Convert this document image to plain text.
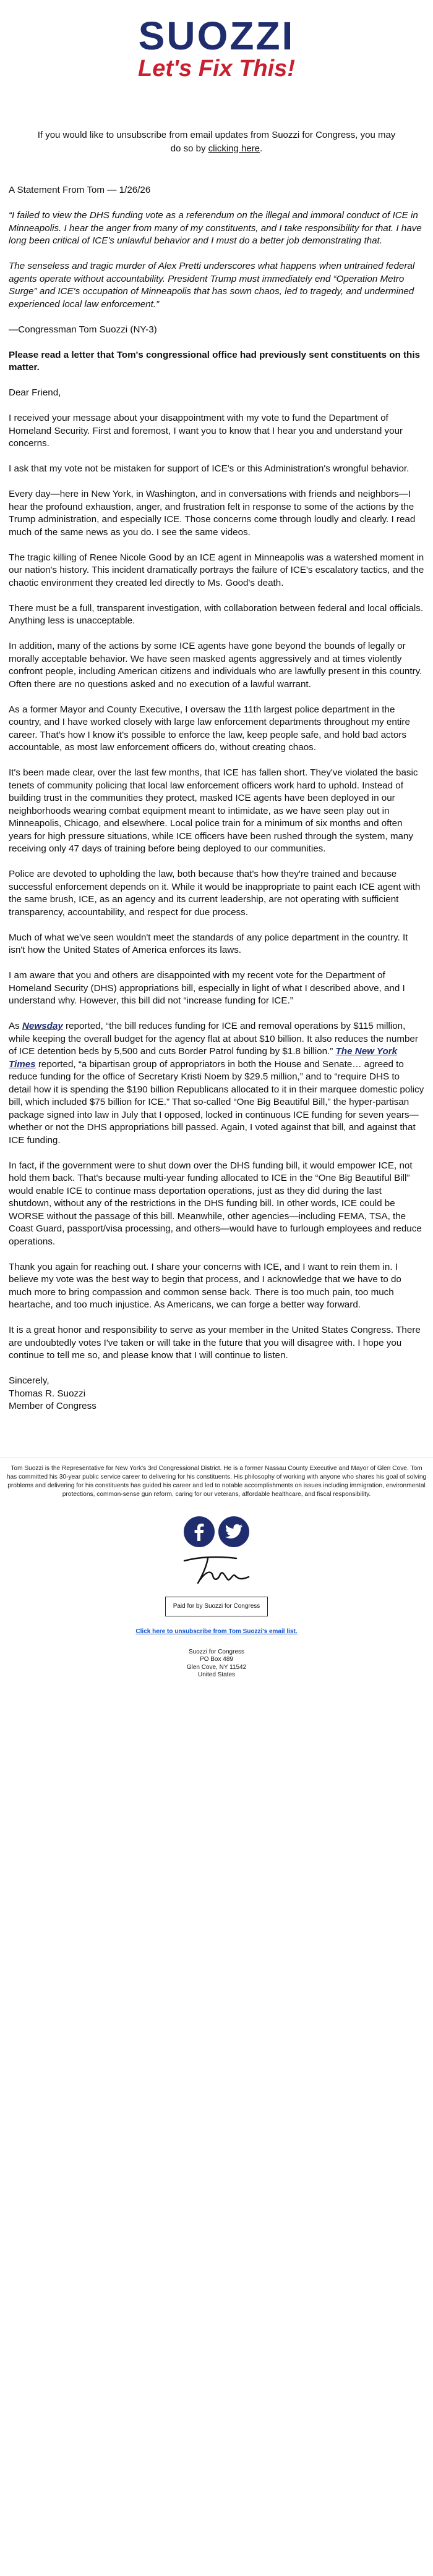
SUOZZI
Let's Fix This!
If you would like to unsubscribe from email updates from Suozzi for Congress, you may do so by clicking here.

A Statement From Tom — 1/26/26

“I failed to view the DHS funding vote as a referendum on the illegal and immoral conduct of ICE in Minneapolis. I hear the anger from many of my constituents, and I take responsibility for that. I have long been critical of ICE's unlawful behavior and I must do a better job demonstrating that.

The senseless and tragic murder of Alex Pretti underscores what happens when untrained federal agents operate without accountability. President Trump must immediately end “Operation Metro Surge” and ICE's occupation of Minneapolis that has sown chaos, led to tragedy, and undermined experienced local law enforcement.”

—Congressman Tom Suozzi (NY-3)

Please read a letter that Tom's congressional office had previously sent constituents on this matter.

Dear Friend,

I received your message about your disappointment with my vote to fund the Department of Homeland Security. First and foremost, I want you to know that I hear you and understand your concerns.

I ask that my vote not be mistaken for support of ICE's or this Administration's wrongful behavior.

Every day—here in New York, in Washington, and in conversations with friends and neighbors—I hear the profound exhaustion, anger, and frustration felt in response to some of the actions by the Trump administration, and especially ICE. Those concerns come through loudly and clearly. I read much of the same news as you do. I see the same videos.

The tragic killing of Renee Nicole Good by an ICE agent in Minneapolis was a watershed moment in our nation's history. This incident dramatically portrays the failure of ICE's escalatory tactics, and the chaotic environment they created led directly to Ms. Good's death.

There must be a full, transparent investigation, with collaboration between federal and local officials. Anything less is unacceptable.

In addition, many of the actions by some ICE agents have gone beyond the bounds of legally or morally acceptable behavior. We have seen masked agents aggressively and at times violently confront people, including American citizens and individuals who are lawfully present in this country. Often there are no questions asked and no execution of a lawful warrant.

As a former Mayor and County Executive, I oversaw the 11th largest police department in the country, and I have worked closely with large law enforcement departments throughout my entire career. That's how I know it's possible to enforce the law, keep people safe, and hold bad actors accountable, as most law enforcement officers do, without creating chaos.

It's been made clear, over the last few months, that ICE has fallen short. They've violated the basic tenets of community policing that local law enforcement officers work hard to uphold. Instead of building trust in the communities they protect, masked ICE agents have been deployed in our neighborhoods wearing combat equipment meant to intimidate, as we have seen play out in Minneapolis, Chicago, and elsewhere. Local police train for a minimum of six months and often years for high pressure situations, while ICE officers have been rushed through the system, many receiving only 47 days of training before being deployed to our communities.

Police are devoted to upholding the law, both because that's how they're trained and because successful enforcement depends on it. While it would be inappropriate to paint each ICE agent with the same brush, ICE, as an agency and its current leadership, are not operating with sufficient transparency, accountability, and respect for due process.

Much of what we've seen wouldn't meet the standards of any police department in the country. It isn't how the United States of America enforces its laws.

I am aware that you and others are disappointed with my recent vote for the Department of Homeland Security (DHS) appropriations bill, especially in light of what I described above, and I understand why. However, this bill did not “increase funding for ICE.”

As Newsday reported, “the bill reduces funding for ICE and removal operations by $115 million, while keeping the overall budget for the agency flat at about $10 billion. It also reduces the number of ICE detention beds by 5,500 and cuts Border Patrol funding by $1.8 billion.” The New York Times reported, “a bipartisan group of appropriators in both the House and Senate… agreed to reduce funding for the office of Secretary Kristi Noem by $29.5 million,” and to “require DHS to detail how it is spending the $190 billion Republicans allocated to it in their marquee domestic policy bill, which included $75 billion for ICE.” That so-called “One Big Beautiful Bill,” the hyper-partisan package signed into law in July that I opposed, locked in continuous ICE funding for seven years—whether or not the DHS appropriations bill passed. Again, I voted against that bill, and against that ICE funding.

In fact, if the government were to shut down over the DHS funding bill, it would empower ICE, not hold them back. That's because multi-year funding allocated to ICE in the “One Big Beautiful Bill” would enable ICE to continue mass deportation operations, just as they did during the last shutdown, without any of the restrictions in the DHS funding bill. In other words, ICE could be WORSE without the passage of this bill. Meanwhile, other agencies—including FEMA, TSA, the Coast Guard, passport/visa processing, and others—would have to furlough employees and reduce operations.

Thank you again for reaching out. I share your concerns with ICE, and I want to rein them in. I believe my vote was the best way to begin that process, and I acknowledge that we have to do much more to bring compassion and common sense back. There is too much pain, too much heartache, and too much injustice. As Americans, we can forge a better way forward.

It is a great honor and responsibility to serve as your member in the United States Congress. There are undoubtedly votes I've taken or will take in the future that you will disagree with. I hope you continue to tell me so, and please know that I will continue to listen.

Sincerely,

Thomas R. Suozzi

Member of Congress

Tom Suozzi is the Representative for New York's 3rd Congressional District. He is a former Nassau County Executive and Mayor of Glen Cove. Tom has committed his 30-year public service career to delivering for his constituents. His philosophy of working with anyone who shares his goal of solving problems and delivering for his constituents has guided his career and led to notable accomplishments on issues including immigration, environmental protections, common-sense gun reform, caring for our veterans, affordable healthcare, and fiscal responsibility.
Paid for by Suozzi for Congress
Click here to unsubscribe from Tom Suozzi's email list.
Suozzi for Congress
PO Box 489
Glen Cove, NY 11542
United States
